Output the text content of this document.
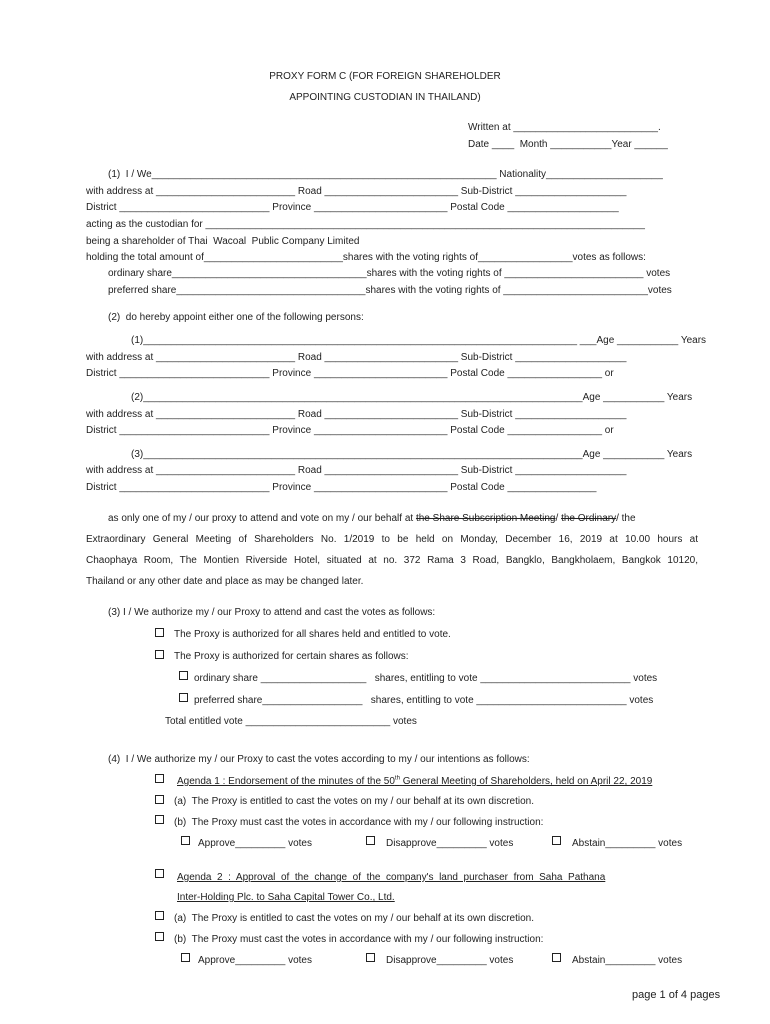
PROXY FORM C (FOR FOREIGN SHAREHOLDER
APPOINTING CUSTODIAN IN THAILAND)
Written at __________________________.
Date ____  Month ___________Year ______
(1)  I / We______________________________________________________________ Nationality_____________________
with address at _________________________ Road ________________________ Sub-District ____________________
District ___________________________ Province ________________________ Postal Code ____________________
acting as the custodian for _______________________________________________________________________________
being a shareholder of Thai  Wacoal  Public Company Limited
holding the total amount of_________________________shares with the voting rights of_________________votes as follows:
ordinary share___________________________________shares with the voting rights of _________________________ votes
preferred share__________________________________shares with the voting rights of __________________________votes
(2)  do hereby appoint either one of the following persons:
(1)______________________________________________________________________________ ___Age ___________ Years
with address at _________________________ Road ________________________ Sub-District ____________________
District ___________________________ Province ________________________ Postal Code _________________ or
(2)_______________________________________________________________________________Age ___________ Years
with address at _________________________ Road ________________________ Sub-District ____________________
District ___________________________ Province ________________________ Postal Code _________________ or
(3)_______________________________________________________________________________Age ___________ Years
with address at _________________________ Road ________________________ Sub-District ____________________
District ___________________________ Province ________________________ Postal Code ________________
as only one of my / our proxy to attend and vote on my / our behalf at the Share Subscription Meeting/ the Ordinary/ the
Extraordinary General Meeting of Shareholders No. 1/2019 to be held on Monday, December 16, 2019 at 10.00 hours at
Chaophaya Room, The Montien Riverside Hotel, situated at no. 372 Rama 3 Road, Bangklo, Bangkholaem, Bangkok 10120,
Thailand or any other date and place as may be changed later.
(3) I / We authorize my / our Proxy to attend and cast the votes as follows:
The Proxy is authorized for all shares held and entitled to vote.
The Proxy is authorized for certain shares as follows:
ordinary share ___________________   shares, entitling to vote ___________________________ votes
preferred share__________________   shares, entitling to vote ___________________________ votes
Total entitled vote __________________________ votes
(4)  I / We authorize my / our Proxy to cast the votes according to my / our intentions as follows:
Agenda 1 : Endorsement of the minutes of the 50th General Meeting of Shareholders, held on April 22, 2019
(a)  The Proxy is entitled to cast the votes on my / our behalf at its own discretion.
(b)  The Proxy must cast the votes in accordance with my / our following instruction:
Approve_________ votes	Disapprove_________ votes	Abstain_________ votes
Agenda  2  :  Approval  of  the  change  of  the  company's  land  purchaser  from  Saha  Pathana
Inter-Holding Plc. to Saha Capital Tower Co., Ltd.
(a)  The Proxy is entitled to cast the votes on my / our behalf at its own discretion.
(b)  The Proxy must cast the votes in accordance with my / our following instruction:
Approve_________ votes	Disapprove_________ votes	Abstain_________ votes
page 1 of 4 pages
